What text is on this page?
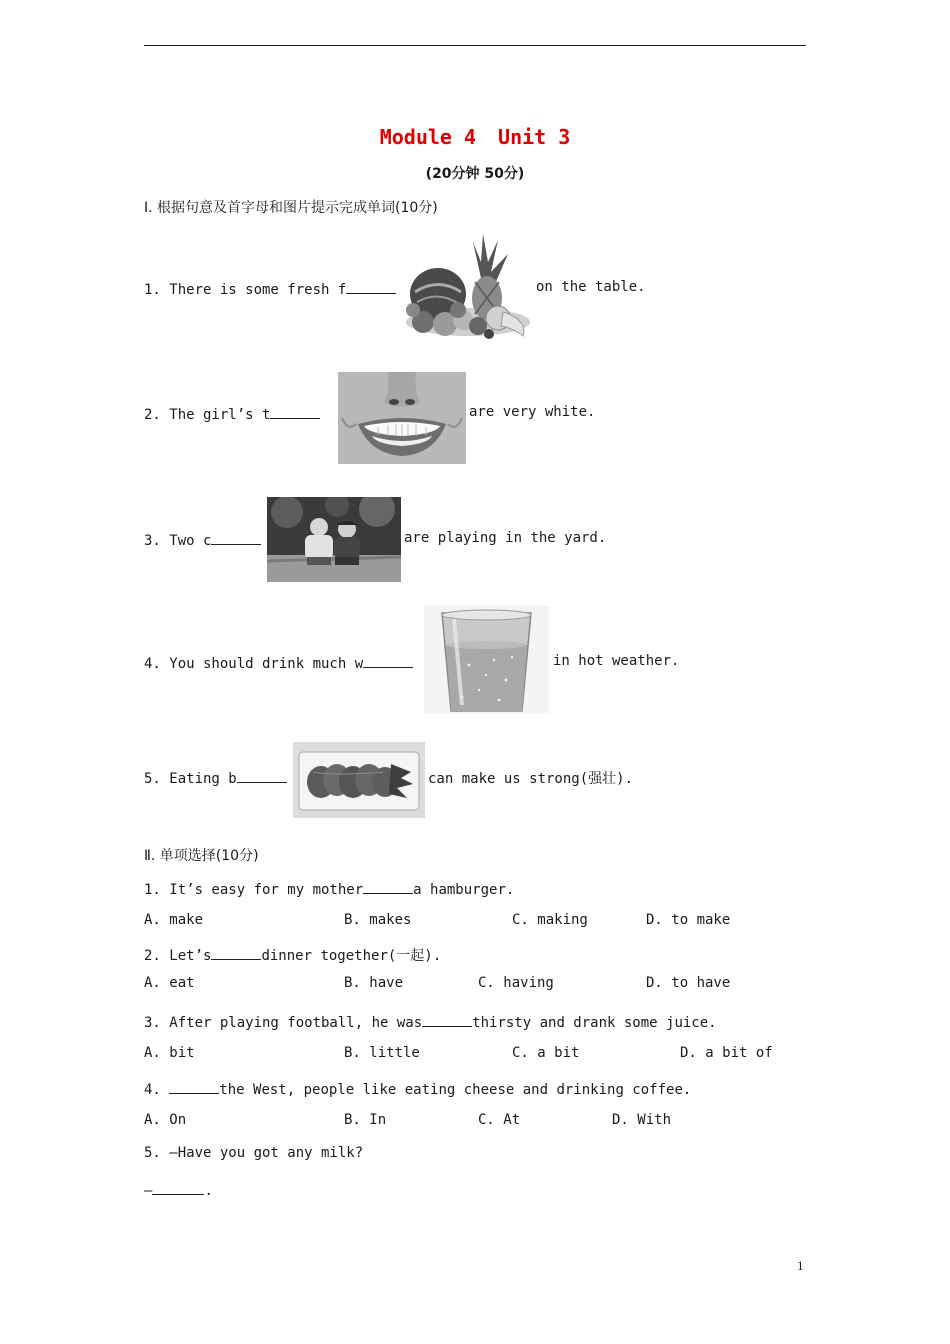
Module 4 Unit 3
(20分钟 50分)
Ⅰ. 根据句意及首字母和图片提示完成单词(10分)
1. There is some fresh f	on the table.
2. The girl’s t	are very white.
3. Two c	are playing in the yard.
4. You should drink much w	in hot weather.
5. Eating b	can make us strong(强壮).
Ⅱ. 单项选择(10分)
1. It’s easy for my mother	a hamburger.
A. make	B. makes	C. making	D. to make
2. Let’s	dinner together(一起).
A. eat	B. have	C. having	D. to have
3. After playing football, he was	thirsty and drank some juice.
A. bit	B. little	C. a bit	D. a bit of
4.	the West, people like eating cheese and drinking coffee.
A. On	B. In	C. At	D. With
5. —Have you got any milk?
—	.
1
